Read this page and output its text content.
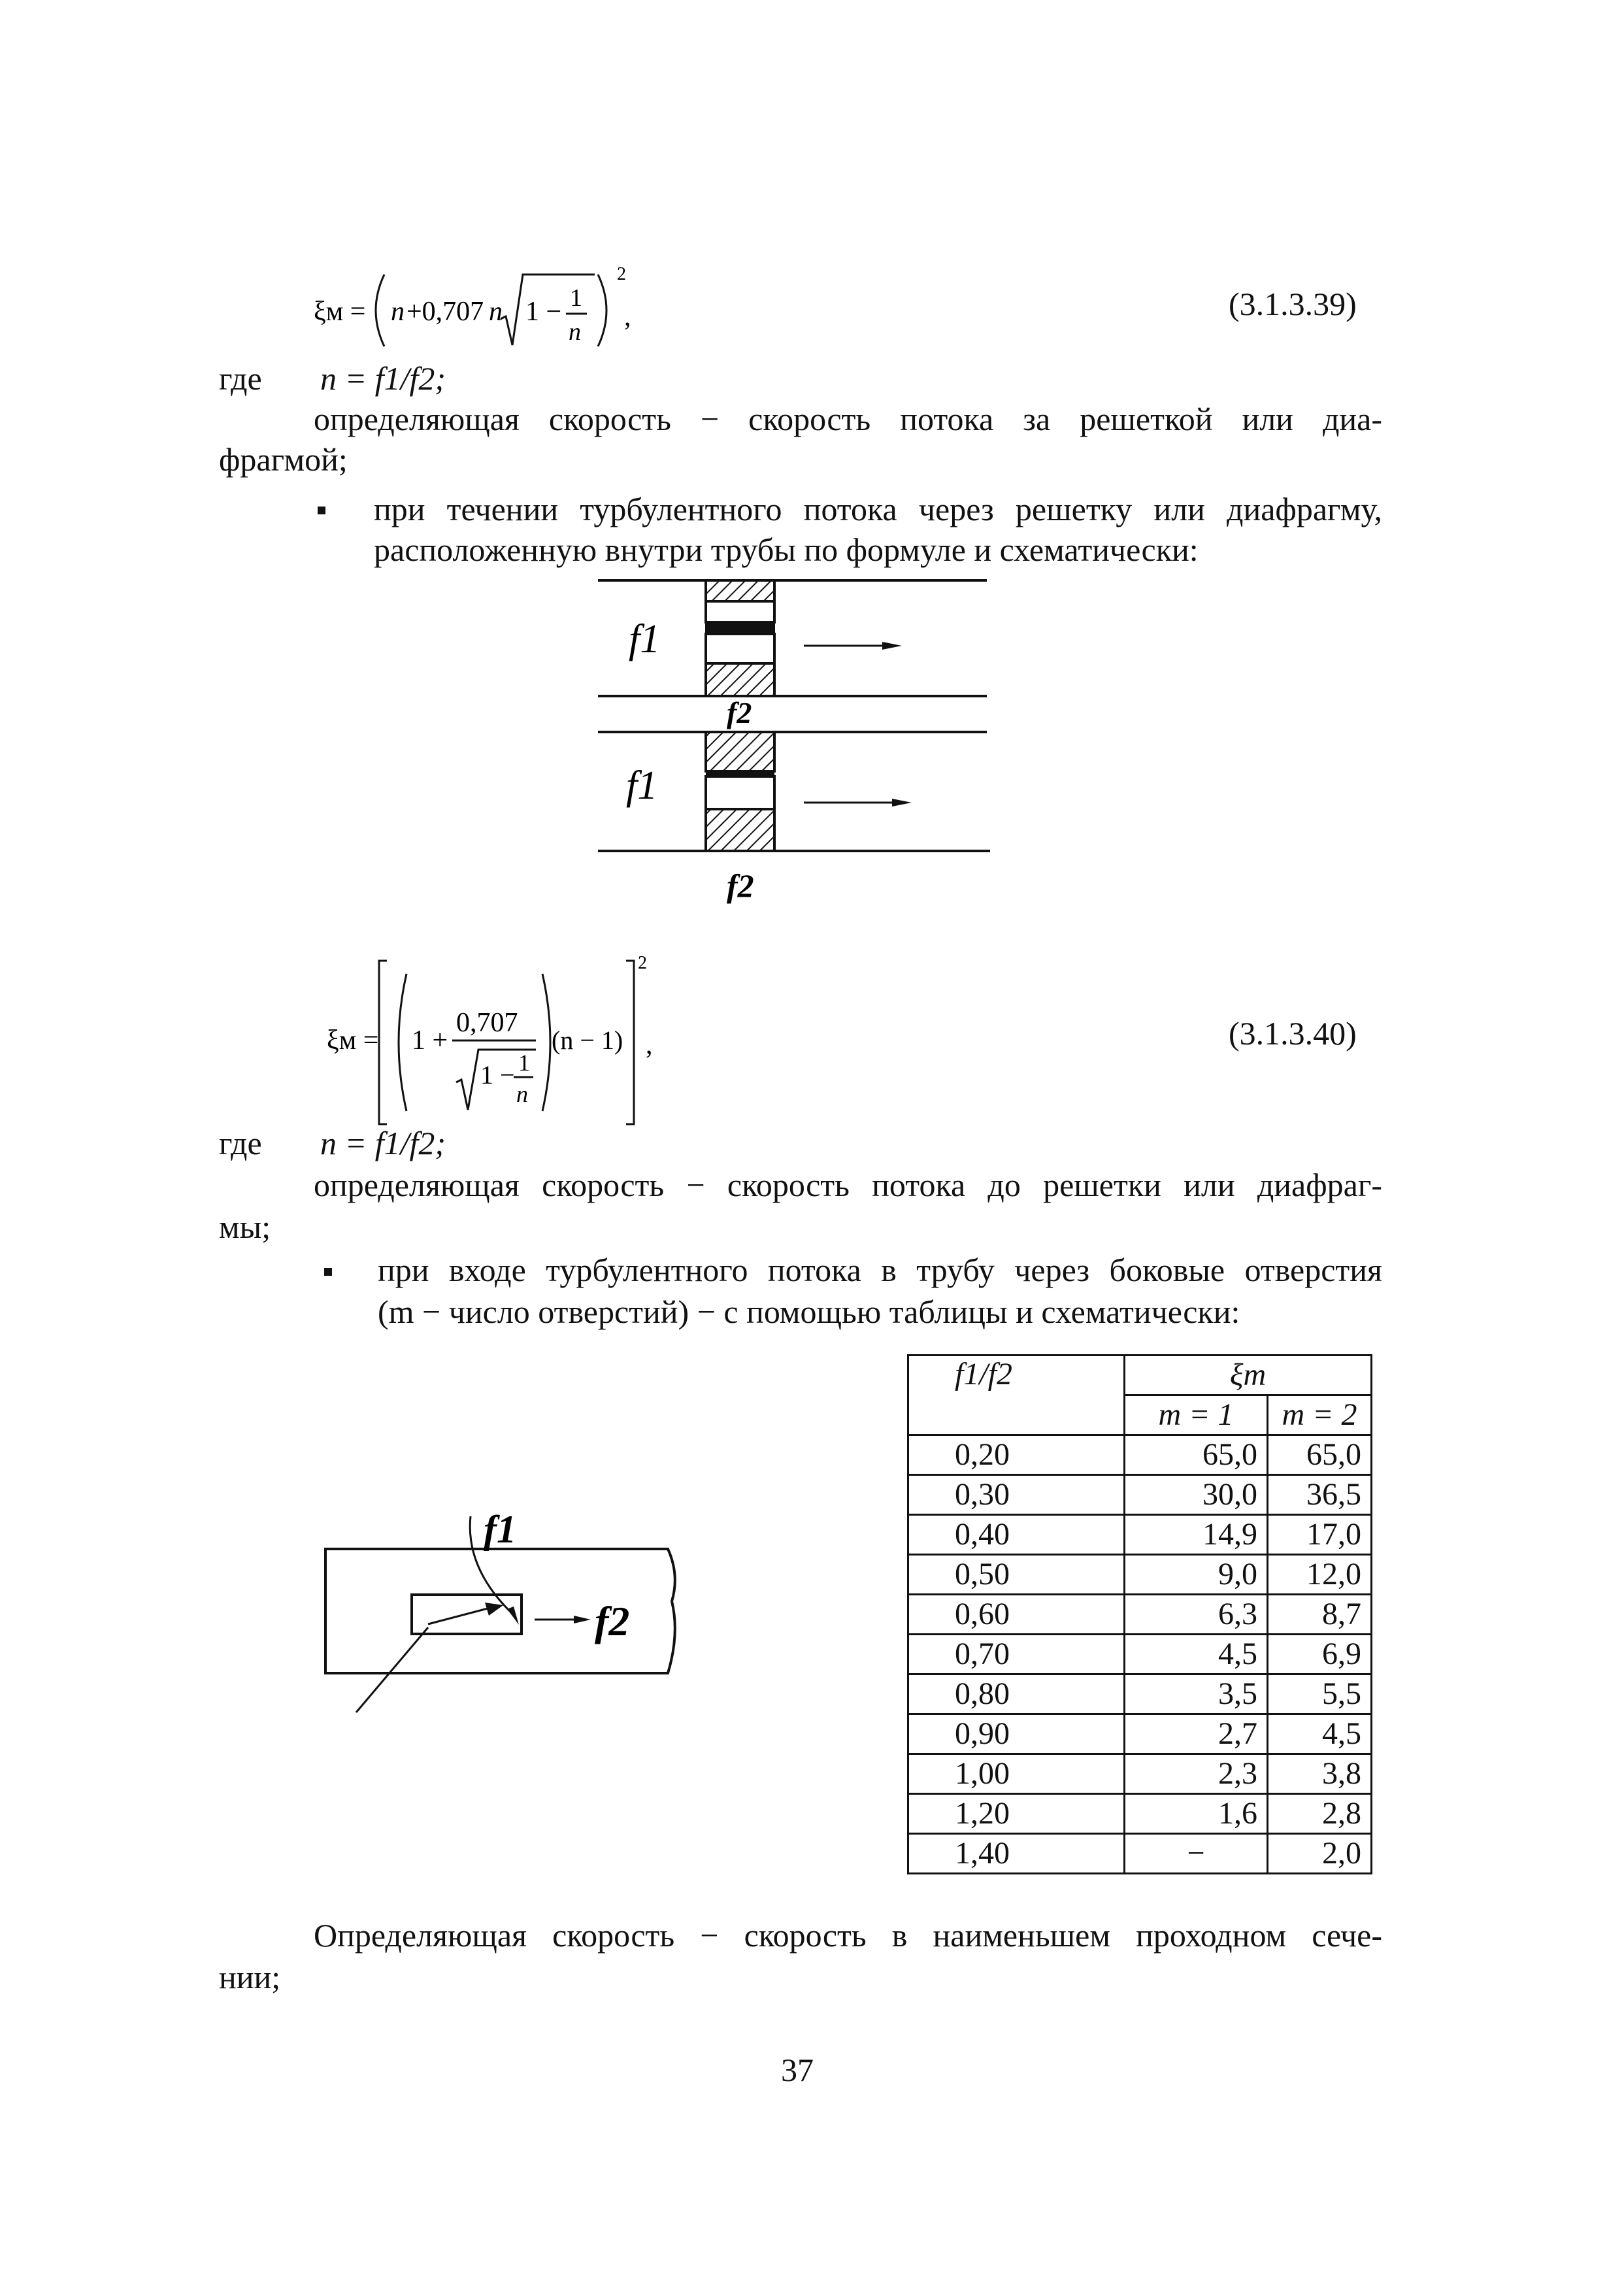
ξм = n +0,707 n 1 − 1
n
2
,	(3.1.3.39)
где n = f1/f2;
определяющая скорость − скорость потока за решеткой или диа-
фрагмой;
при течении турбулентного потока через решетку или диафрагму,
расположенную внутри трубы по формуле и схематически:
f1
f2
f1
f2
ξм = 1 +
0,707
1 − 1
n
(n − 1)
2
,	(3.1.3.40)
где n = f1/f2;
определяющая скорость − скорость потока до решетки или диафраг-
мы;
при входе турбулентного потока в трубу через боковые отверстия
(m − число отверстий) − с помощью таблицы и схематически:
f1
f2
f1/f2	ξm	
	m = 1	m = 2
0,20	65,0	65,0
0,30	30,0	36,5
0,40	14,9	17,0
0,50	9,0	12,0
0,60	6,3	8,7
0,70	4,5	6,9
0,80	3,5	5,5
0,90	2,7	4,5
1,00	2,3	3,8
1,20	1,6	2,8
1,40	−	2,0
Определяющая скорость − скорость в наименьшем проходном сече-
нии;
37
